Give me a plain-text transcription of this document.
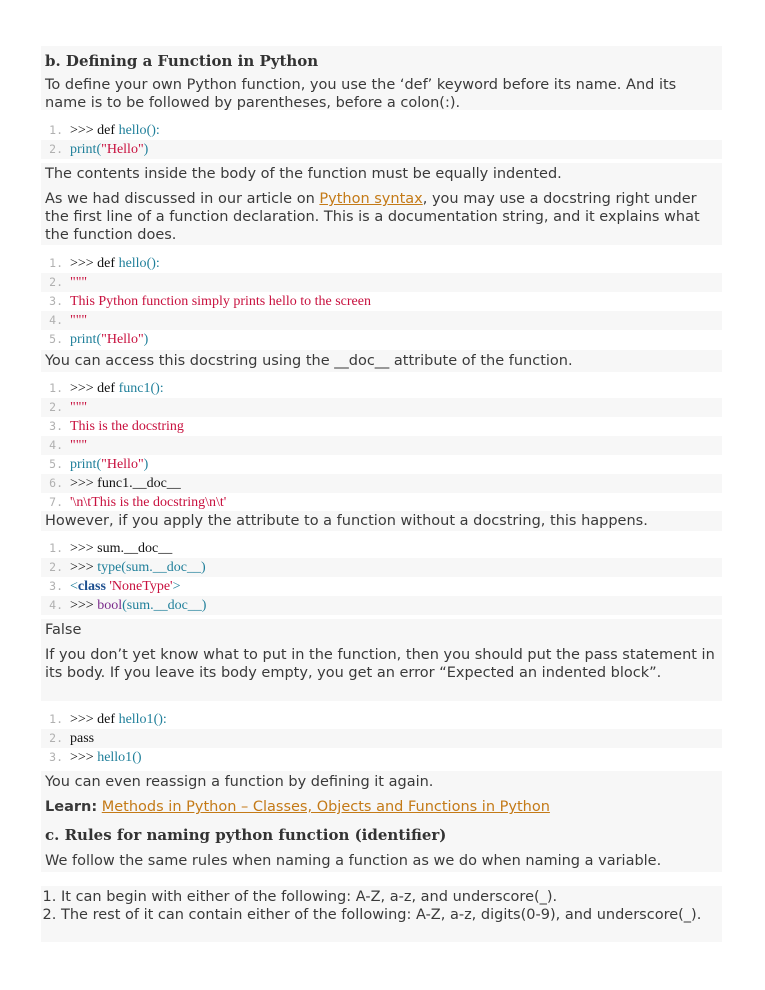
b. Defining a Function in Python
To define your own Python function, you use the ‘def’ keyword before its name. And its name is to be followed by parentheses, before a colon(:).
1. >>> def hello():
2. print("Hello")
The contents inside the body of the function must be equally indented.
As we had discussed in our article on Python syntax, you may use a docstring right under the first line of a function declaration. This is a documentation string, and it explains what the function does.
1. >>> def hello():
2. """
3. This Python function simply prints hello to the screen
4. """
5. print("Hello")
You can access this docstring using the __doc__ attribute of the function.
1. >>> def func1():
2. """
3. This is the docstring
4. """
5. print("Hello")
6. >>> func1.__doc__
7. '\n\tThis is the docstring\n\t'
However, if you apply the attribute to a function without a docstring, this happens.
1. >>> sum.__doc__
2. >>> type(sum.__doc__)
3. <class 'NoneType'>
4. >>> bool(sum.__doc__)
False
If you don’t yet know what to put in the function, then you should put the pass statement in its body. If you leave its body empty, you get an error “Expected an indented block”.
1. >>> def hello1():
2. pass
3. >>> hello1()
You can even reassign a function by defining it again.
Learn: Methods in Python – Classes, Objects and Functions in Python
c. Rules for naming python function (identifier)
We follow the same rules when naming a function as we do when naming a variable.
1. It can begin with either of the following: A-Z, a-z, and underscore(_).
2. The rest of it can contain either of the following: A-Z, a-z, digits(0-9), and underscore(_).
